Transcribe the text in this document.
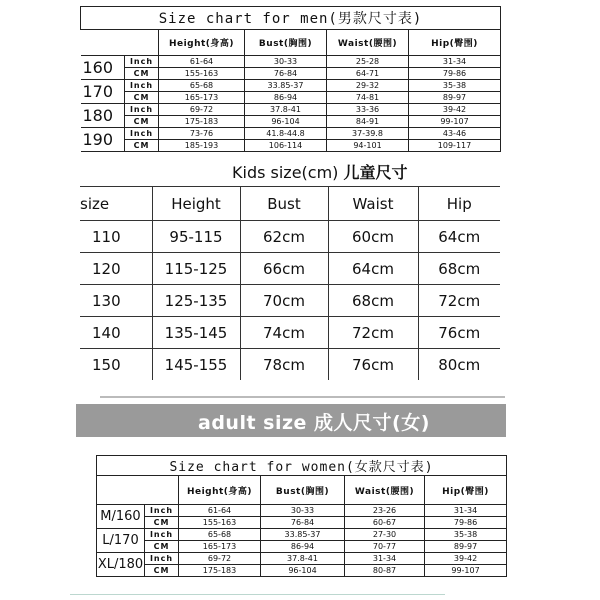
Size chart for men(男款尺寸表)					
		Height(身高)	Bust(胸围)	Waist(腰围)	Hip(臀围)
160	Inch	61-64	30-33	25-28	31-34
	CM	155-163	76-84	64-71	79-86
170	Inch	65-68	33.85-37	29-32	35-38
	CM	165-173	86-94	74-81	89-97
180	Inch	69-72	37.8-41	33-36	39-42
	CM	175-183	96-104	84-91	99-107
190	Inch	73-76	41.8-44.8	37-39.8	43-46
	CM	185-193	106-114	94-101	109-117
Kids size(cm) 儿童尺寸
size	Height	Bust	Waist	Hip
110	95-115	62cm	60cm	64cm
120	115-125	66cm	64cm	68cm
130	125-135	70cm	68cm	72cm
140	135-145	74cm	72cm	76cm
150	145-155	78cm	76cm	80cm
adult size 成人尺寸(女)
Size chart for women(女款尺寸表)					
		Height(身高)	Bust(胸围)	Waist(腰围)	Hip(臀围)
M/160	Inch	61-64	30-33	23-26	31-34
	CM	155-163	76-84	60-67	79-86
L/170	Inch	65-68	33.85-37	27-30	35-38
	CM	165-173	86-94	70-77	89-97
XL/180	Inch	69-72	37.8-41	31-34	39-42
	CM	175-183	96-104	80-87	99-107
